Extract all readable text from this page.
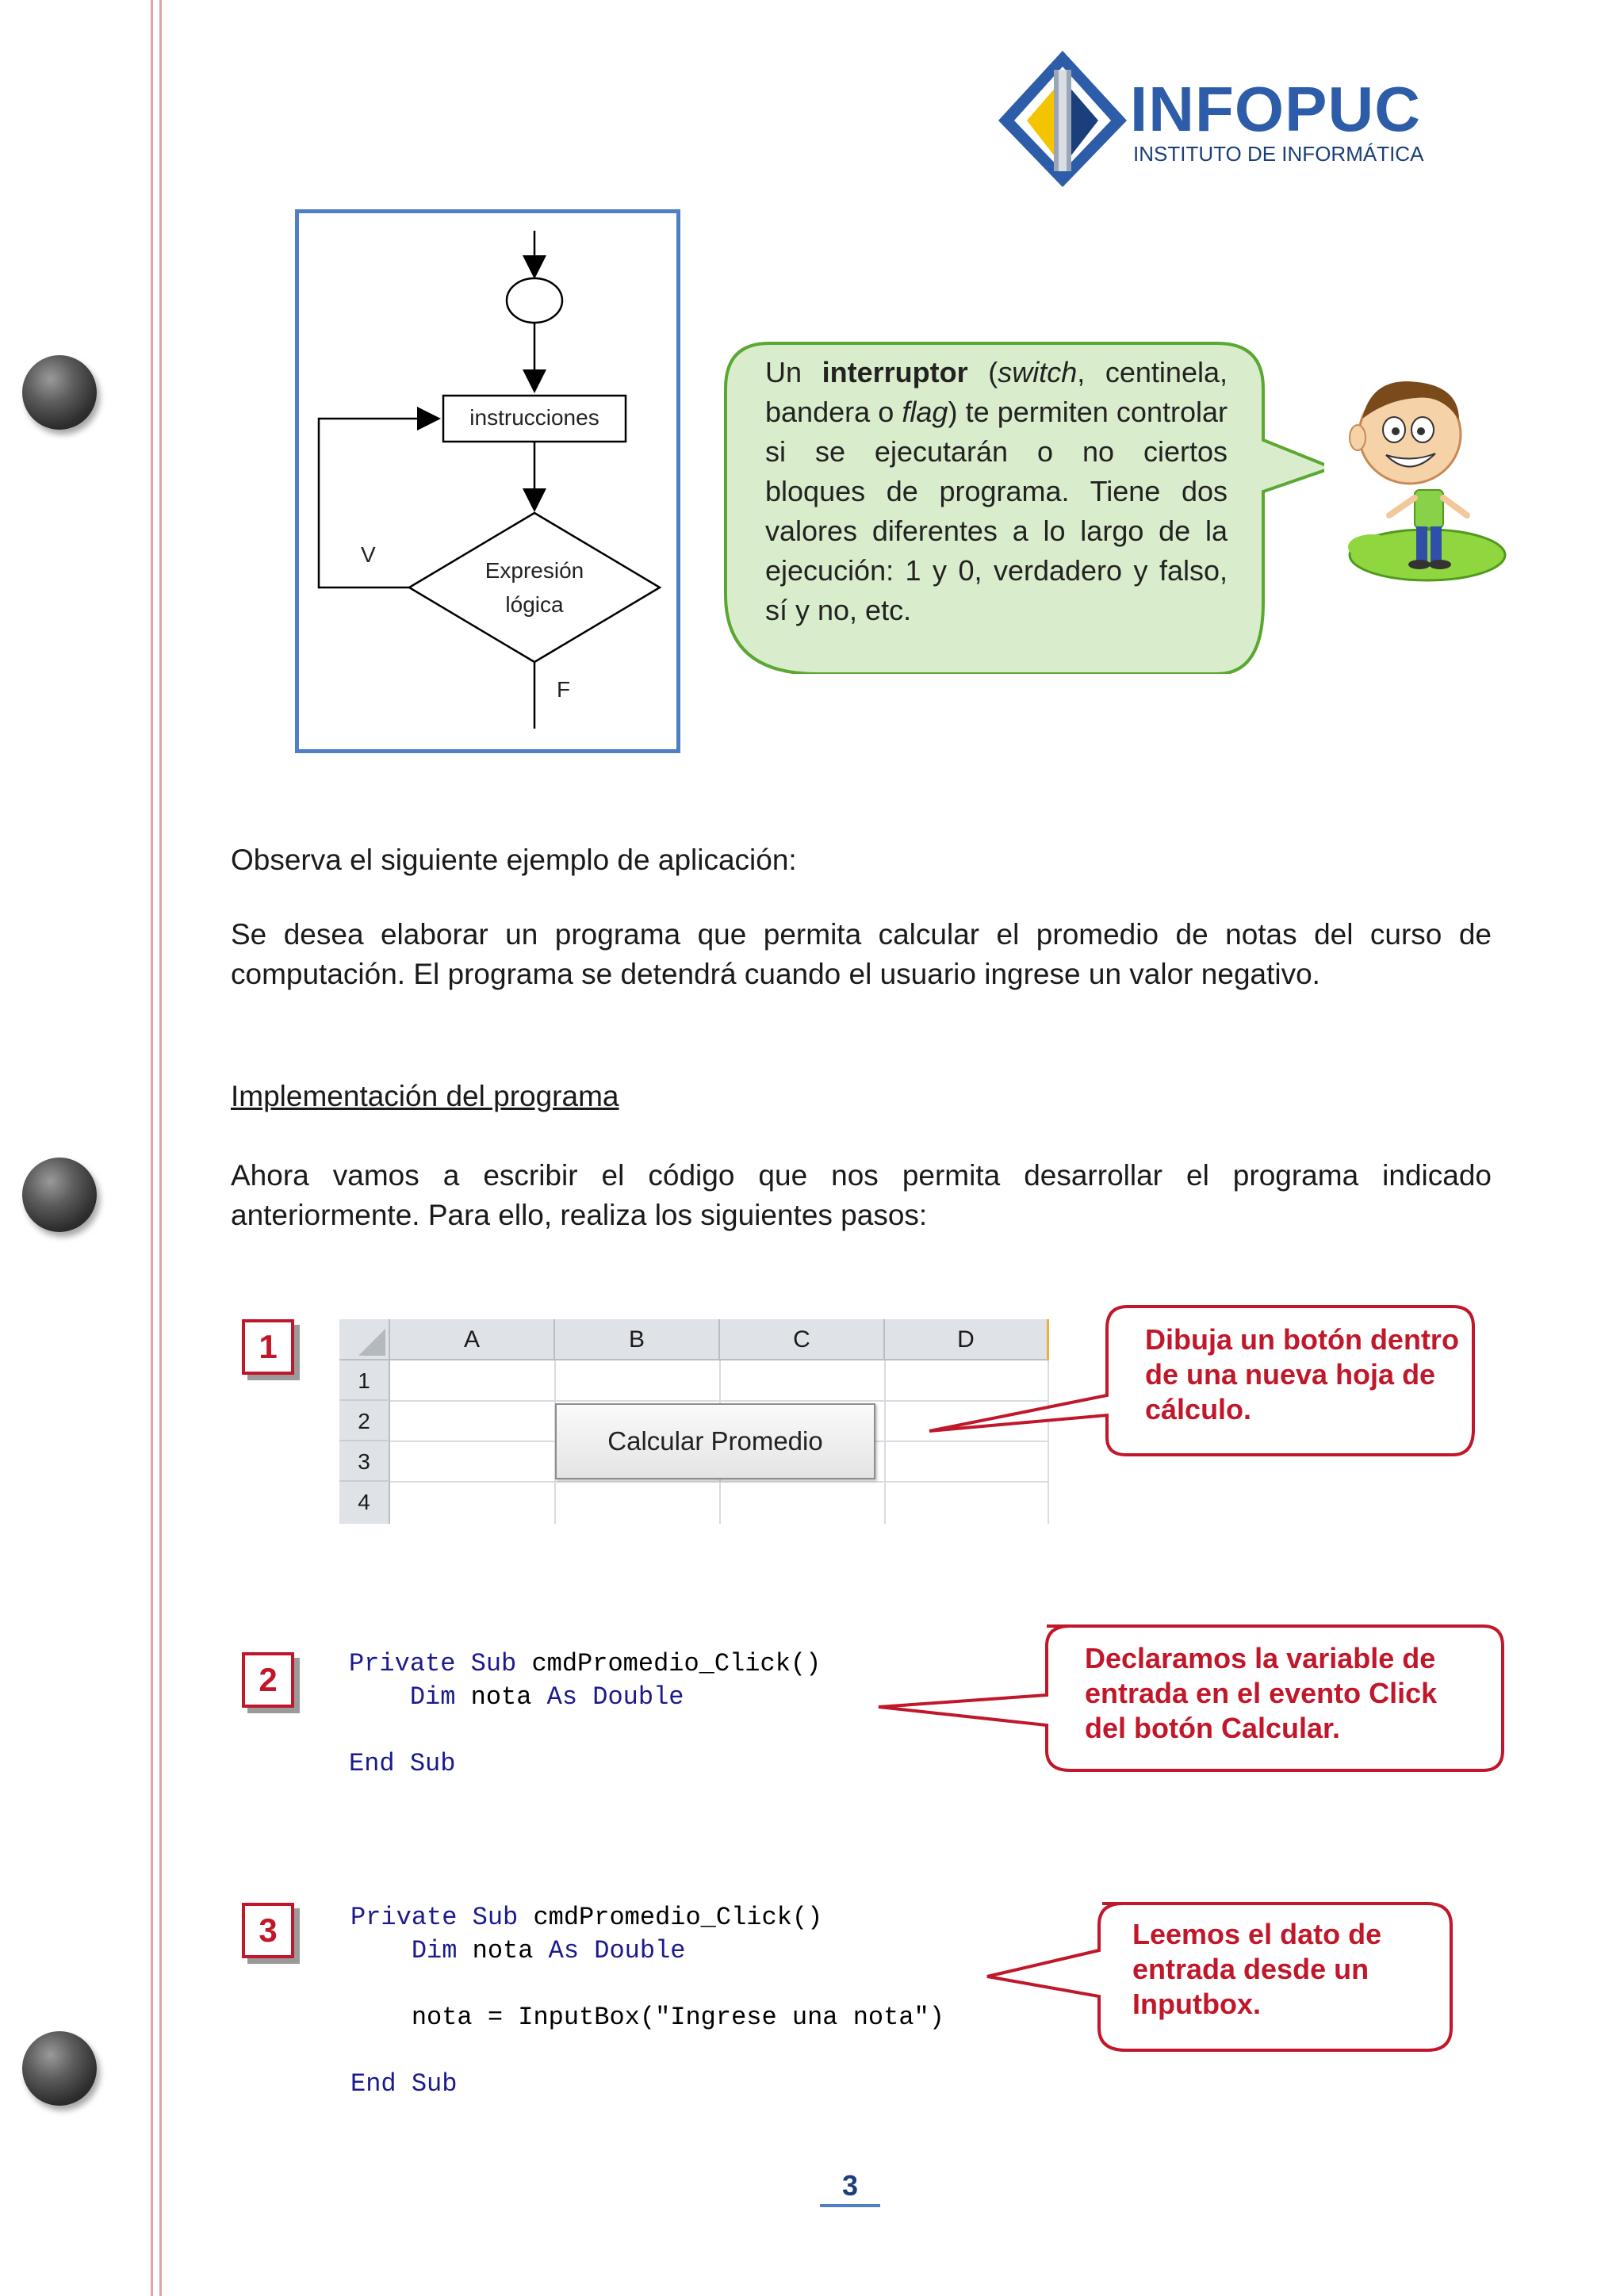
INFOPUC
INSTITUTO DE INFORMÁTICA
instrucciones
Expresión
lógica
V
F
Un interruptor (switch, centinela, bandera o flag) te permiten controlar si se ejecutarán o no ciertos bloques de programa. Tiene dos valores diferentes a lo largo de la ejecución: 1 y 0, verdadero y falso, sí y no, etc.
Observa el siguiente ejemplo de aplicación:
Se desea elaborar un programa que permita calcular el promedio de notas del curso de computación. El programa se detendrá cuando el usuario ingrese un valor negativo.
Implementación del programa
Ahora vamos a escribir el código que nos permita desarrollar el programa indicado anteriormente. Para ello, realiza los siguientes pasos:
1	A	B	C	D
1
2
3
4
Calcular Promedio
Dibuja un botón dentro de una nueva hoja de cálculo.
2	Private Sub cmdPromedio_Click()
Dim nota As Double

End Sub
Declaramos la variable de entrada en el evento Click del botón Calcular.
3	Private Sub cmdPromedio_Click()
Dim nota As Double

nota = InputBox("Ingrese una nota")

End Sub
Leemos el dato de entrada desde un Inputbox.
3
